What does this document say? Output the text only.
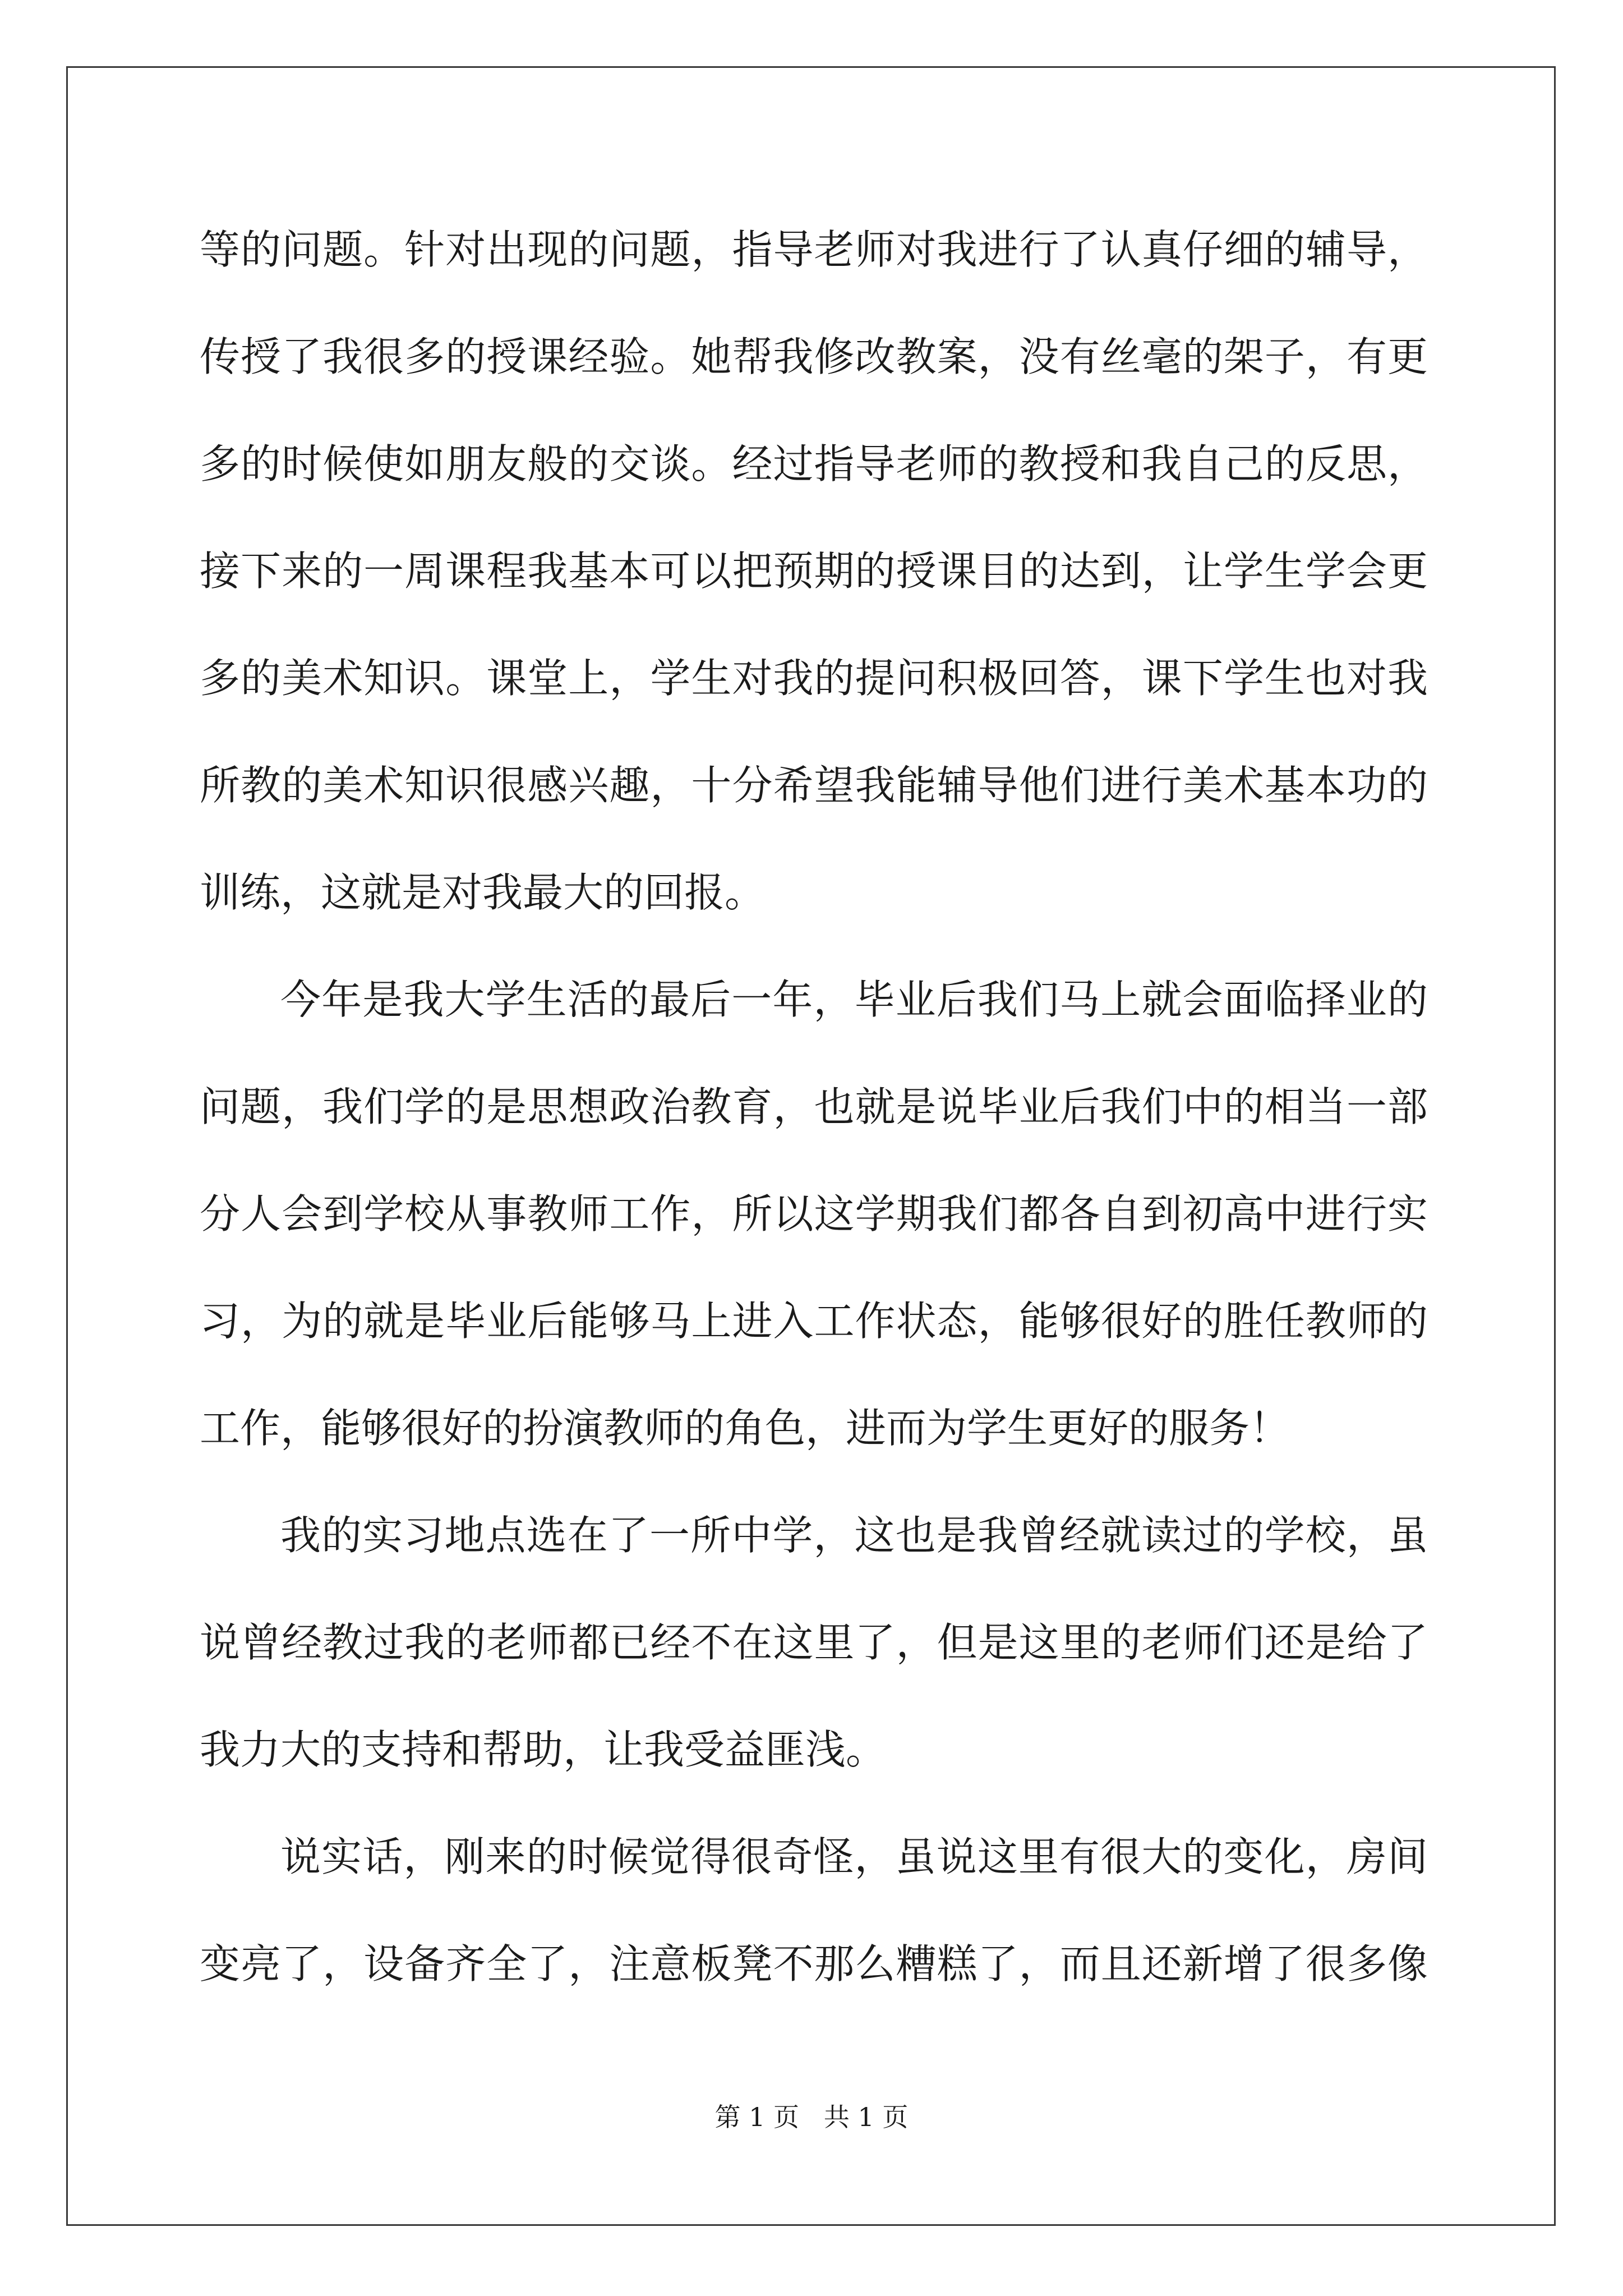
等的问题。针对出现的问题，指导老师对我进行了认真仔细的辅导，
传授了我很多的授课经验。她帮我修改教案，没有丝毫的架子，有更
多的时候使如朋友般的交谈。经过指导老师的教授和我自己的反思，
接下来的一周课程我基本可以把预期的授课目的达到，让学生学会更
多的美术知识。课堂上，学生对我的提问积极回答，课下学生也对我
所教的美术知识很感兴趣，十分希望我能辅导他们进行美术基本功的
训练，这就是对我最大的回报。
今年是我大学生活的最后一年，毕业后我们马上就会面临择业的
问题，我们学的是思想政治教育，也就是说毕业后我们中的相当一部
分人会到学校从事教师工作，所以这学期我们都各自到初高中进行实
习，为的就是毕业后能够马上进入工作状态，能够很好的胜任教师的
工作，能够很好的扮演教师的角色，进而为学生更好的服务！
我的实习地点选在了一所中学，这也是我曾经就读过的学校，虽
说曾经教过我的老师都已经不在这里了，但是这里的老师们还是给了
我力大的支持和帮助，让我受益匪浅。
说实话，刚来的时候觉得很奇怪，虽说这里有很大的变化，房间
变亮了，设备齐全了，注意板凳不那么糟糕了，而且还新增了很多像
第 1 页   共 1 页
